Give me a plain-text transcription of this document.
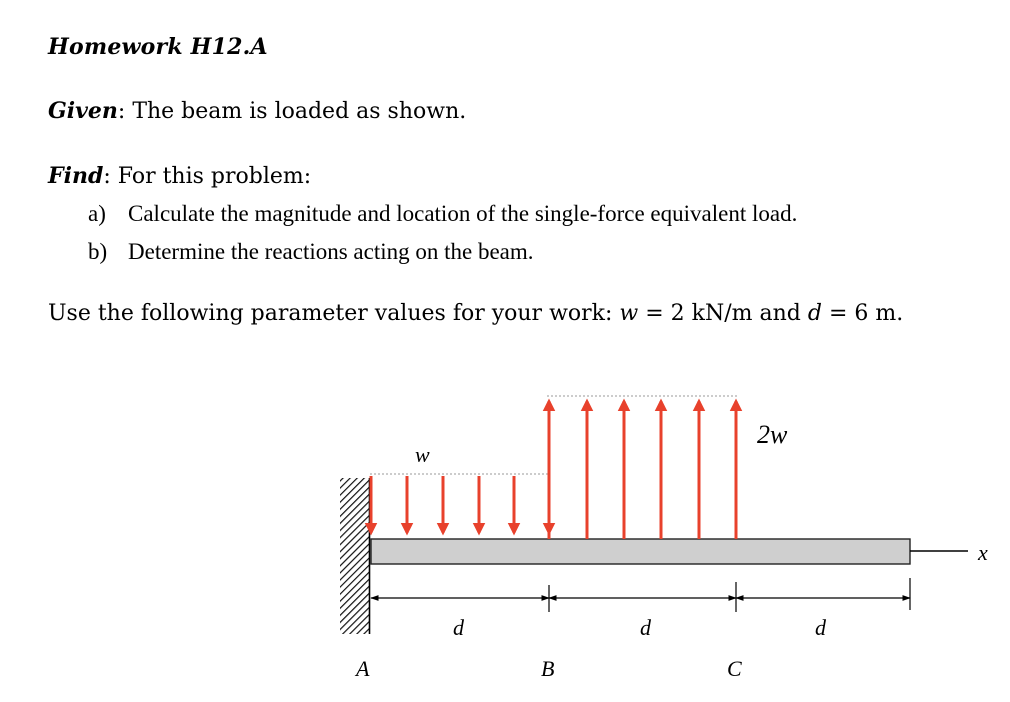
Homework H12.A
Given: The beam is loaded as shown.
Find: For this problem:
a) Calculate the magnitude and location of the single-force equivalent load.
b) Determine the reactions acting on the beam.
Use the following parameter values for your work: w = 2 kN/m and d = 6 m.
w
2w
x
d	d	d
A	B	C
